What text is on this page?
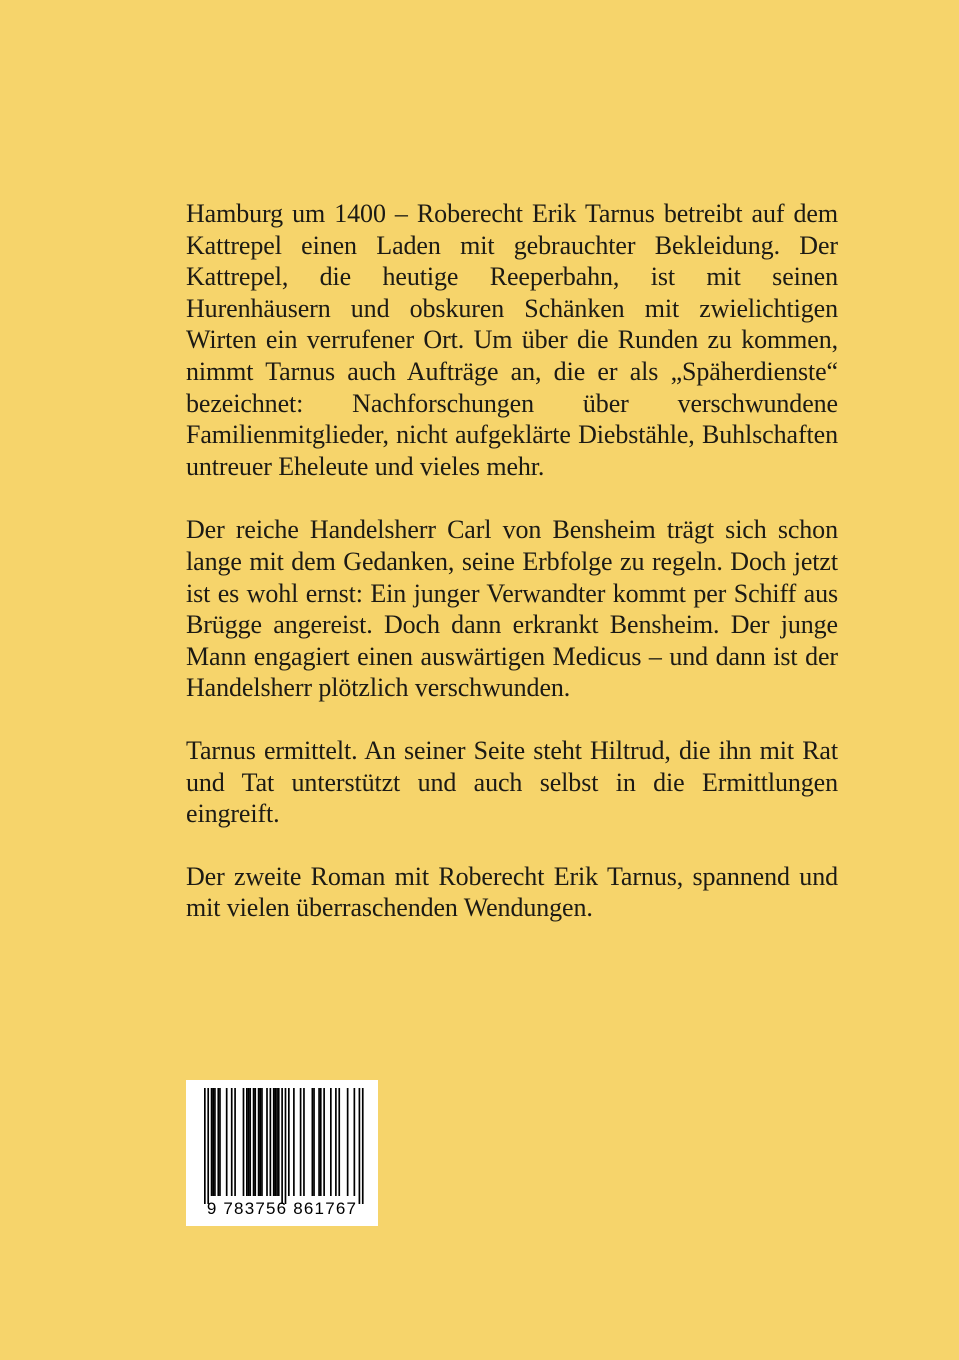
Hamburg um 1400 – Roberecht Erik Tarnus betreibt auf dem Kattrepel einen Laden mit gebrauchter Bekleidung. Der Kattrepel, die heutige Reeperbahn, ist mit seinen Hurenhäusern und obskuren Schänken mit zwielichtigen Wirten ein verrufener Ort. Um über die Runden zu kommen, nimmt Tarnus auch Aufträge an, die er als „Späherdienste“ bezeichnet: Nachforschungen über verschwundene Familienmitglieder, nicht aufgeklärte Diebstähle, Buhlschaften untreuer Eheleute und vieles mehr.

Der reiche Handelsherr Carl von Bensheim trägt sich schon lange mit dem Gedanken, seine Erbfolge zu regeln. Doch jetzt ist es wohl ernst: Ein junger Verwandter kommt per Schiff aus Brügge angereist. Doch dann erkrankt Bensheim. Der junge Mann engagiert einen auswärtigen Medicus – und dann ist der Handelsherr plötzlich verschwunden.

Tarnus ermittelt. An seiner Seite steht Hiltrud, die ihn mit Rat und Tat unterstützt und auch selbst in die Ermittlungen eingreift.

Der zweite Roman mit Roberecht Erik Tarnus, spannend und mit vielen überraschenden Wendungen.

9 783756 861767
